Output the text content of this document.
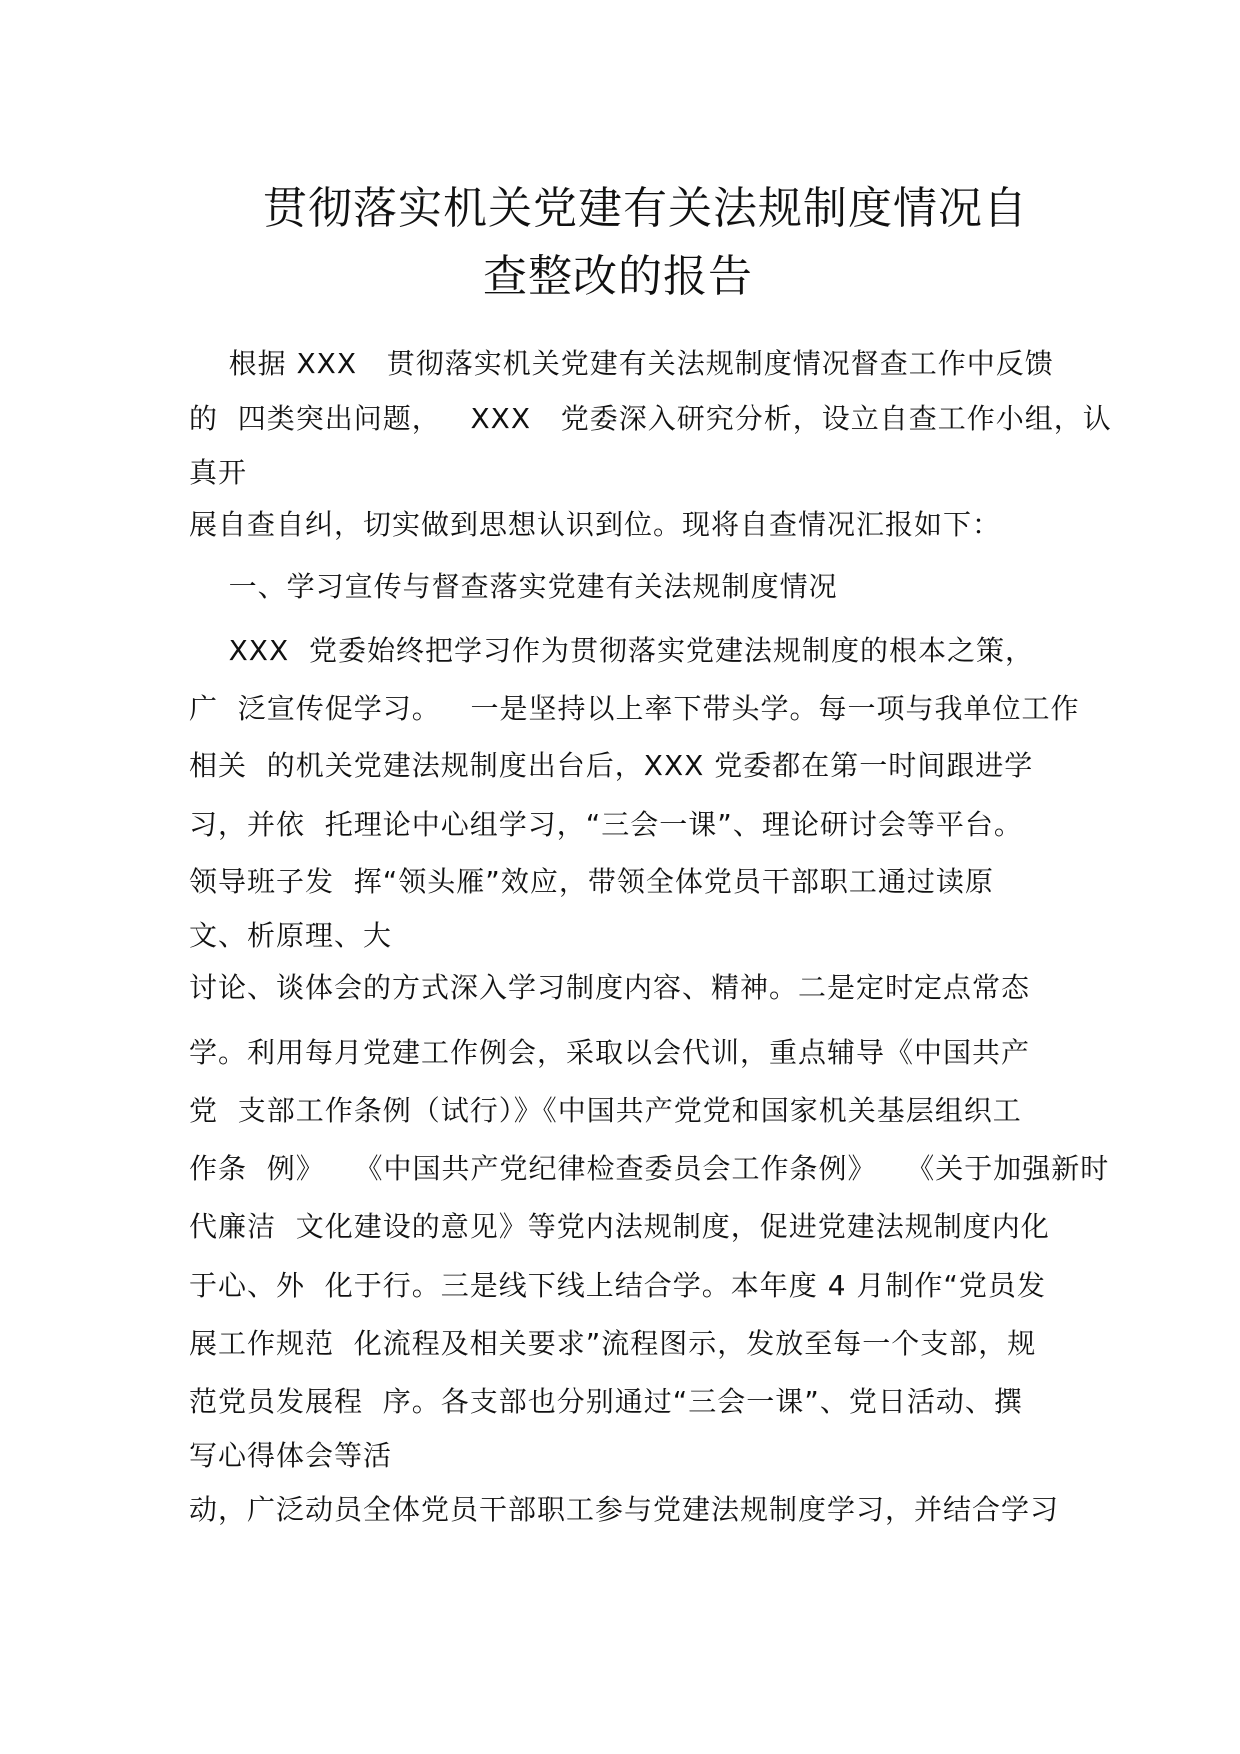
贯彻落实机关党建有关法规制度情况自
查整改的报告
根据 XXX   贯彻落实机关党建有关法规制度情况督查工作中反馈
的  四类突出问题，   XXX   党委深入研究分析，设立自查工作小组，认
真开
展自查自纠，切实做到思想认识到位。现将自查情况汇报如下：
一、学习宣传与督查落实党建有关法规制度情况
XXX  党委始终把学习作为贯彻落实党建法规制度的根本之策，
广  泛宣传促学习。   一是坚持以上率下带头学。每一项与我单位工作
相关  的机关党建法规制度出台后，XXX 党委都在第一时间跟进学
习，并依  托理论中心组学习，“三会一课”、理论研讨会等平台。
领导班子发  挥“领头雁”效应，带领全体党员干部职工通过读原
文、析原理、大
讨论、谈体会的方式深入学习制度内容、精神。二是定时定点常态
学。利用每月党建工作例会，采取以会代训，重点辅导《中国共产
党  支部工作条例（试行）》《中国共产党党和国家机关基层组织工
作条  例》   《中国共产党纪律检查委员会工作条例》   《关于加强新时
代廉洁  文化建设的意见》等党内法规制度，促进党建法规制度内化
于心、外  化于行。三是线下线上结合学。本年度 4 月制作“党员发
展工作规范  化流程及相关要求”流程图示，发放至每一个支部，规
范党员发展程  序。各支部也分别通过“三会一课”、党日活动、撰
写心得体会等活
动，广泛动员全体党员干部职工参与党建法规制度学习，并结合学习
